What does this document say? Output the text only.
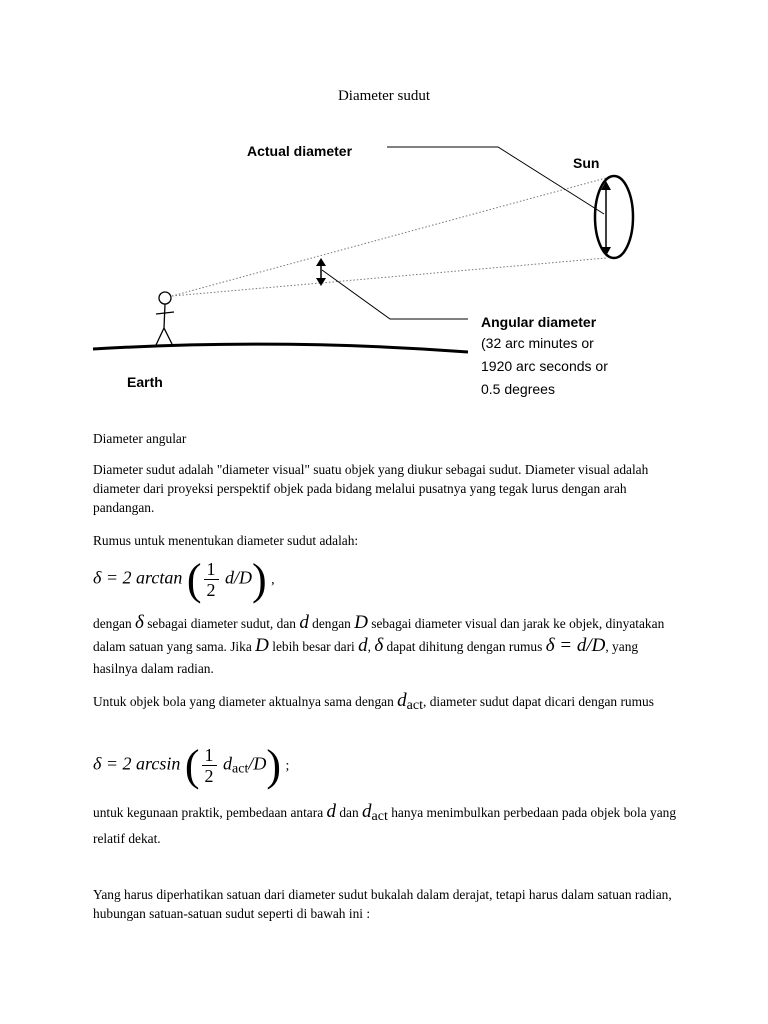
Diameter sudut
Actual diameter
Sun
Angular diameter
(32 arc minutes or
1920 arc seconds or
0.5 degrees
Earth
Diameter angular
Diameter sudut adalah "diameter visual" suatu objek yang diukur sebagai sudut. Diameter visual adalah diameter dari proyeksi perspektif objek pada bidang melalui pusatnya yang tegak lurus dengan arah pandangan.
Rumus untuk menentukan diameter sudut adalah:
δ = 2 arctan ( $\frac{1}{2} d/D$) ,
dengan δ sebagai diameter sudut, dan d dengan D sebagai diameter visual dan jarak ke objek, dinyatakan dalam satuan yang sama. Jika D lebih besar dari d, δ dapat dihitung dengan rumus δ = d/D, yang hasilnya dalam radian.
Untuk objek bola yang diameter aktualnya sama dengan dact, diameter sudut dapat dicari dengan rumus
δ = 2 arcsin ( $\frac{1}{2} d_{act}/D$) ;
untuk kegunaan praktik, pembedaan antara d dan dact hanya menimbulkan perbedaan pada objek bola yang relatif dekat.
Yang harus diperhatikan satuan dari diameter sudut bukalah dalam derajat, tetapi harus dalam satuan radian, hubungan satuan-satuan sudut seperti di bawah ini :
